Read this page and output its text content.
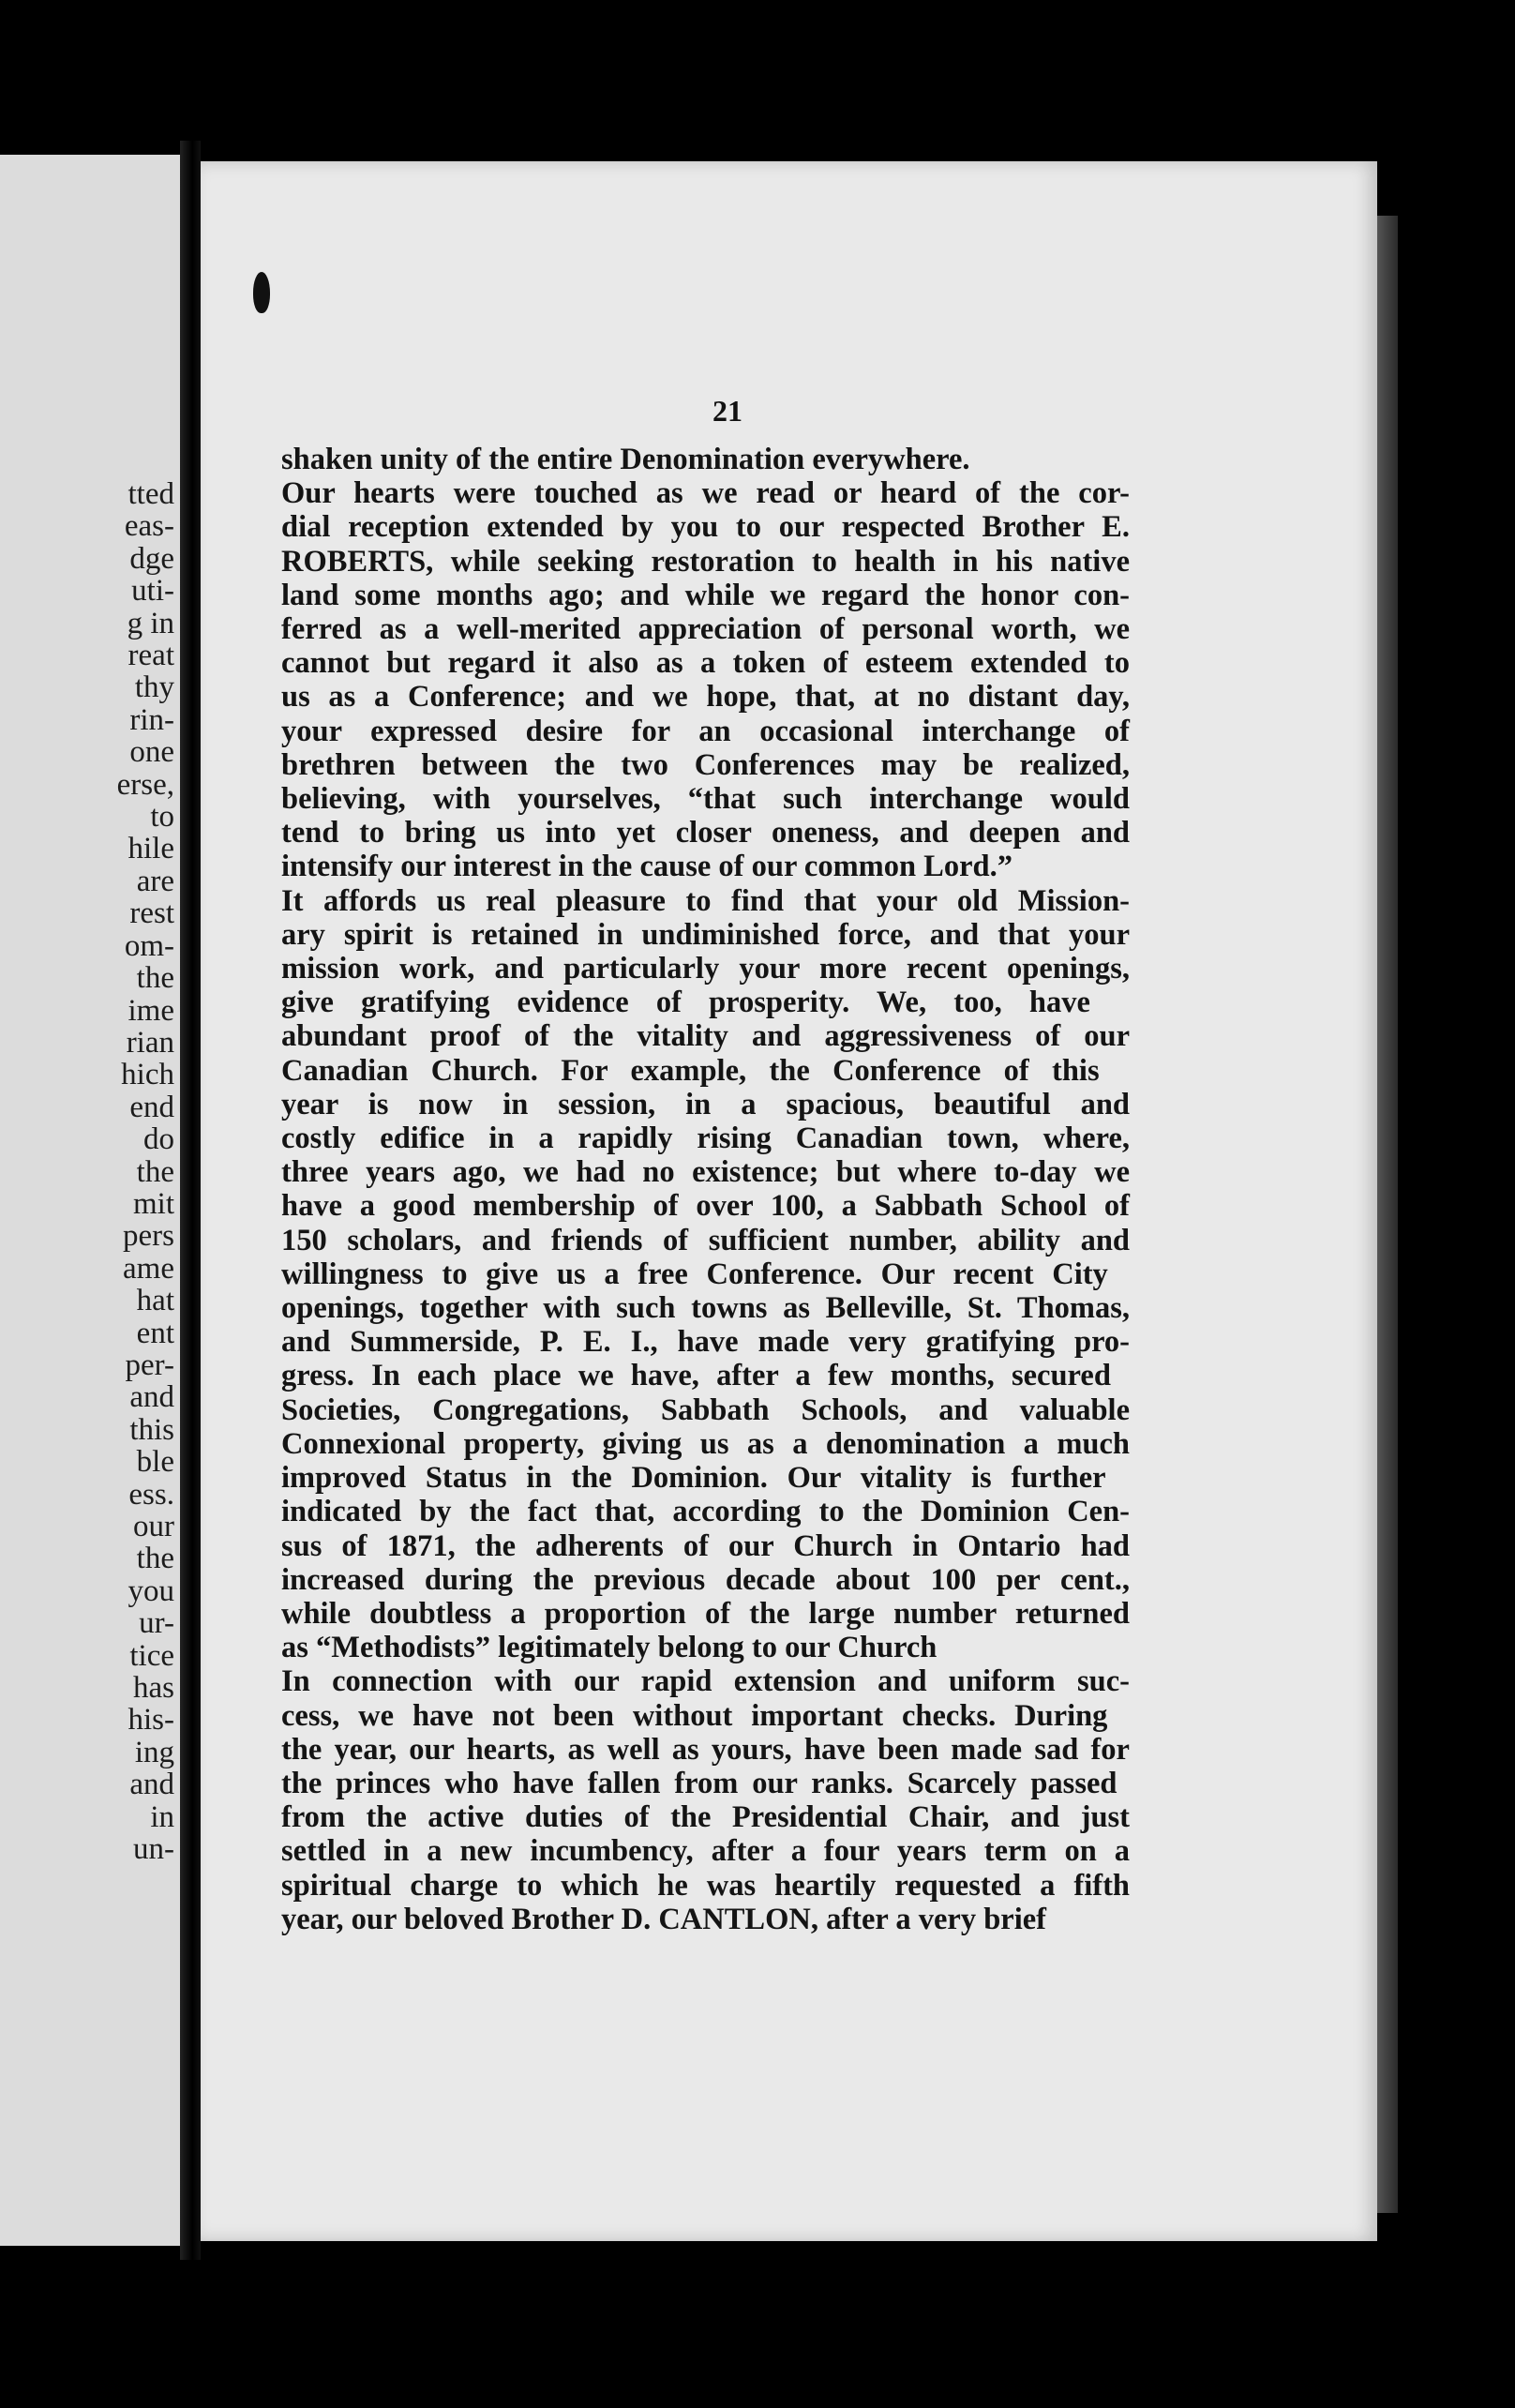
tted
eas-
dge
uti-
g in
reat
thy
rin-
one
erse,
to
hile
are
rest
om-
the
ime
rian
hich
end
do
the
mit
pers
ame
hat
ent
per-
and
this
ble
ess.
our
the
you
ur-
tice
has
his-
ing
and
in
un-
21
shaken unity of the entire Denomination everywhere.
Our hearts were touched as we read or heard of the cor-
dial reception extended by you to our respected Brother E.
ROBERTS, while seeking restoration to health in his native
land some months ago; and while we regard the honor con-
ferred as a well-merited appreciation of personal worth, we
cannot but regard it also as a token of esteem extended to
us as a Conference; and we hope, that, at no distant day,
your expressed desire for an occasional interchange of
brethren between the two Conferences may be realized,
believing, with yourselves, “that such interchange would
tend to bring us into yet closer oneness, and deepen and
intensify our interest in the cause of our common Lord.”
It affords us real pleasure to find that your old Mission-
ary spirit is retained in undiminished force, and that your
mission work, and particularly your more recent openings,
give gratifying evidence of prosperity. We, too, have
abundant proof of the vitality and aggressiveness of our
Canadian Church. For example, the Conference of this
year is now in session, in a spacious, beautiful and
costly edifice in a rapidly rising Canadian town, where,
three years ago, we had no existence; but where to-day we
have a good membership of over 100, a Sabbath School of
150 scholars, and friends of sufficient number, ability and
willingness to give us a free Conference. Our recent City
openings, together with such towns as Belleville, St. Thomas,
and Summerside, P. E. I., have made very gratifying pro-
gress. In each place we have, after a few months, secured
Societies, Congregations, Sabbath Schools, and valuable
Connexional property, giving us as a denomination a much
improved Status in the Dominion. Our vitality is further
indicated by the fact that, according to the Dominion Cen-
sus of 1871, the adherents of our Church in Ontario had
increased during the previous decade about 100 per cent.,
while doubtless a proportion of the large number returned
as “Methodists” legitimately belong to our Church
In connection with our rapid extension and uniform suc-
cess, we have not been without important checks. During
the year, our hearts, as well as yours, have been made sad for
the princes who have fallen from our ranks. Scarcely passed
from the active duties of the Presidential Chair, and just
settled in a new incumbency, after a four years term on a
spiritual charge to which he was heartily requested a fifth
year, our beloved Brother D. CANTLON, after a very brief
